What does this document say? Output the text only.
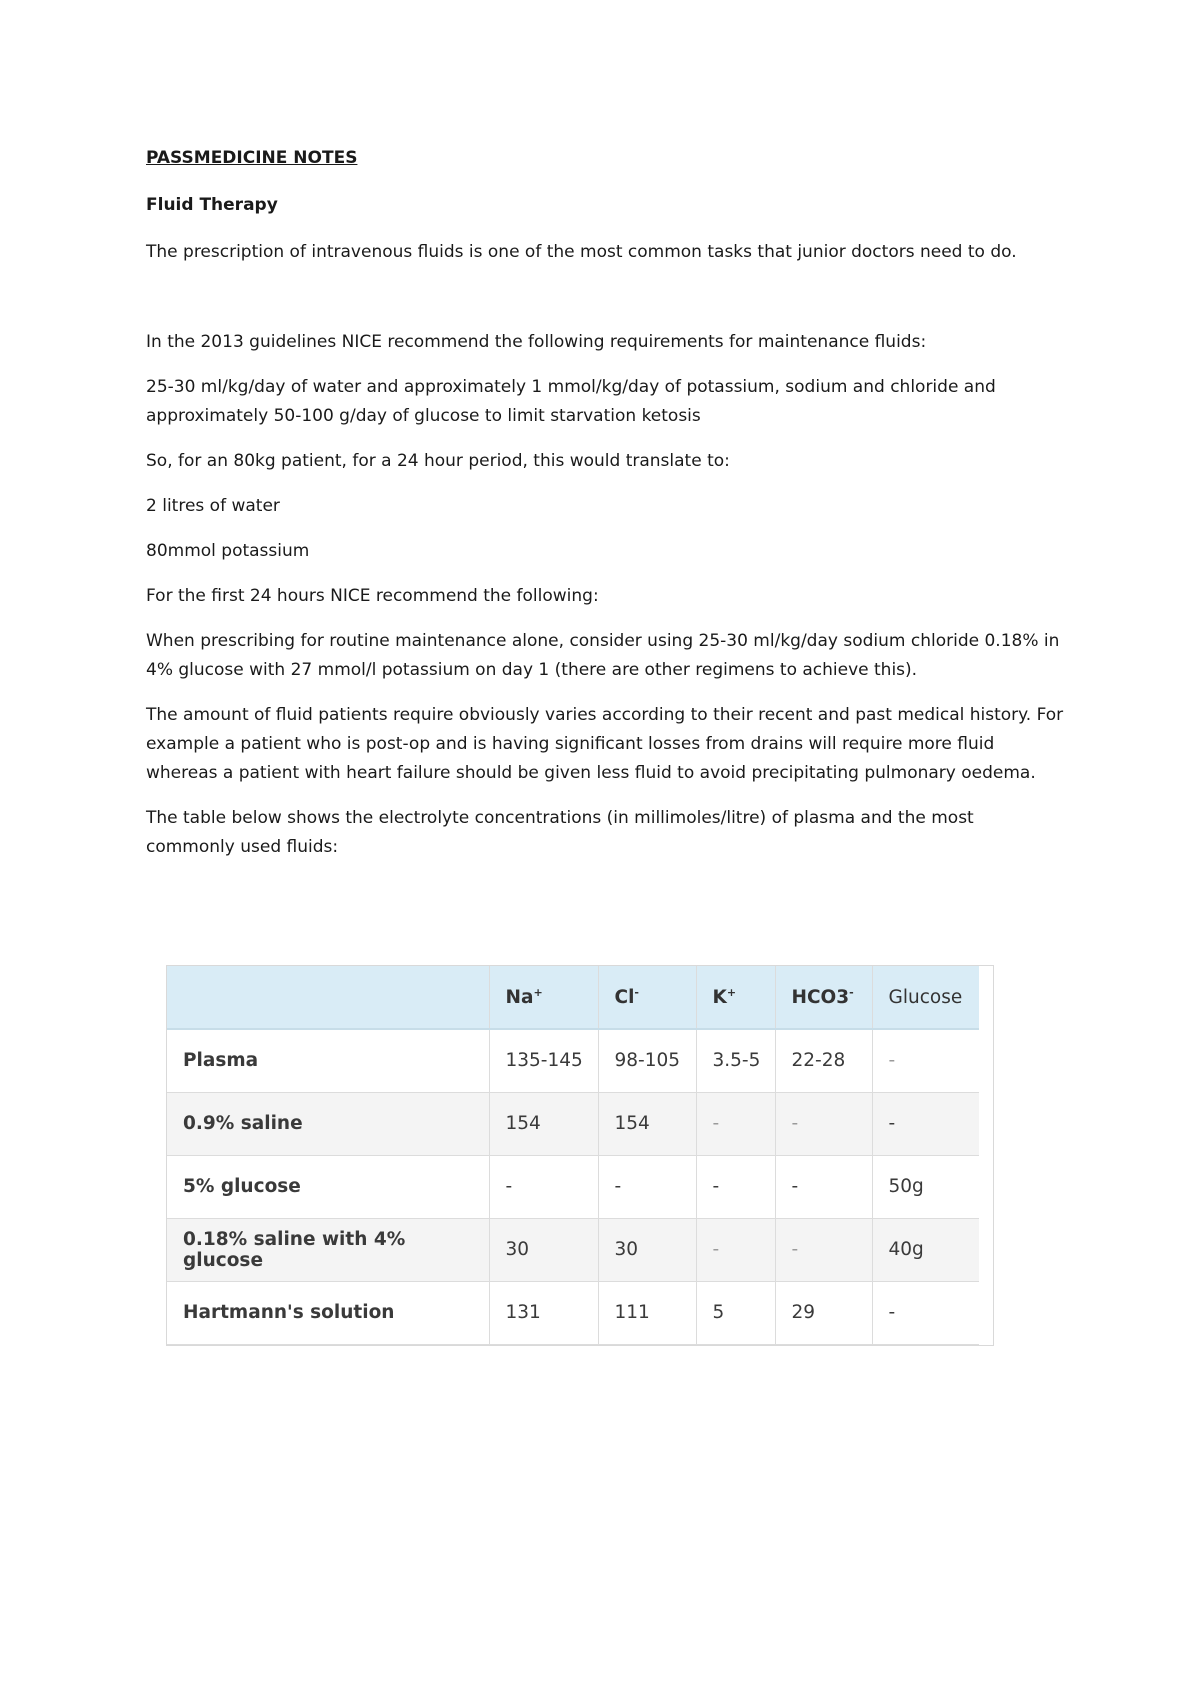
PASSMEDICINE NOTES
Fluid Therapy

The prescription of intravenous fluids is one of the most common tasks that junior doctors need to do.

In the 2013 guidelines NICE recommend the following requirements for maintenance fluids:

25-30 ml/kg/day of water and approximately 1 mmol/kg/day of potassium, sodium and chloride and approximately 50-100 g/day of glucose to limit starvation ketosis

So, for an 80kg patient, for a 24 hour period, this would translate to:

2 litres of water

80mmol potassium

For the first 24 hours NICE recommend the following:

When prescribing for routine maintenance alone, consider using 25-30 ml/kg/day sodium chloride 0.18% in 4% glucose with 27 mmol/l potassium on day 1 (there are other regimens to achieve this).

The amount of fluid patients require obviously varies according to their recent and past medical history. For example a patient who is post-op and is having significant losses from drains will require more fluid whereas a patient with heart failure should be given less fluid to avoid precipitating pulmonary oedema.

The table below shows the electrolyte concentrations (in millimoles/litre) of plasma and the most commonly used fluids:

	Na+	Cl-	K+	HCO3-	Glucose
Plasma	135-145	98-105	3.5-5	22-28	-
0.9% saline	154	154	-	-	-
5% glucose	-	-	-	-	50g
0.18% saline with 4% glucose	30	30	-	-	40g
Hartmann's solution	131	111	5	29	-
